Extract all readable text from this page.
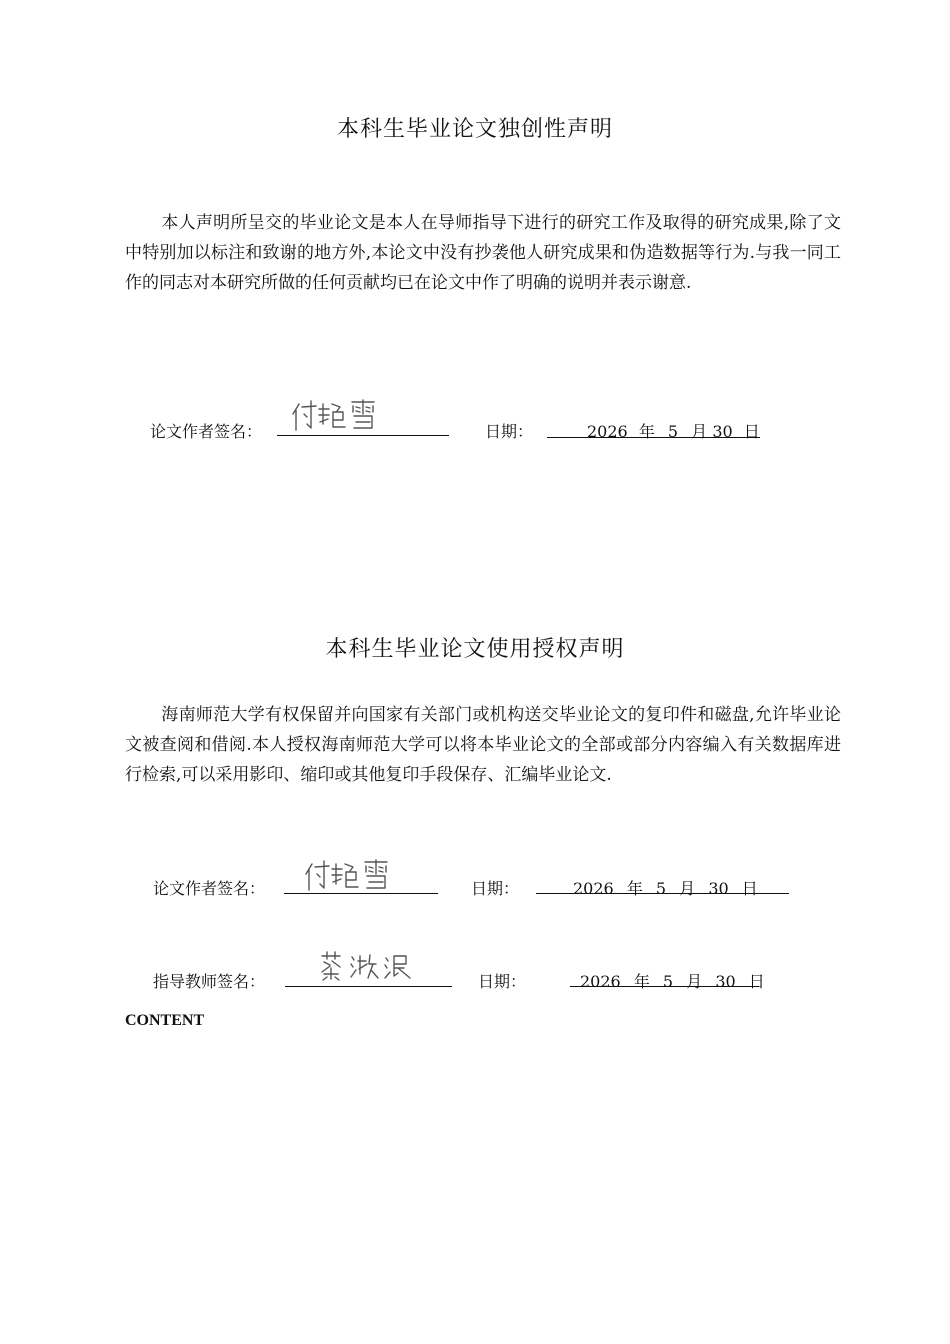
本科生毕业论文独创性声明

本人声明所呈交的毕业论文是本人在导师指导下进行的研究工作及取得的研究成果,除了文中特别加以标注和致谢的地方外,本论文中没有抄袭他人研究成果和伪造数据等行为.与我一同工作的同志对本研究所做的任何贡献均已在论文中作了明确的说明并表示谢意.

论文作者签名：	日期：	2026 年 5 月 30 日
本科生毕业论文使用授权声明

海南师范大学有权保留并向国家有关部门或机构送交毕业论文的复印件和磁盘,允许毕业论文被查阅和借阅.本人授权海南师范大学可以将本毕业论文的全部或部分内容编入有关数据库进行检索,可以采用影印、缩印或其他复印手段保存、汇编毕业论文.

论文作者签名：	日期：	2026 年 5 月 30 日
指导教师签名：	日期：	2026 年 5 月 30 日
CONTENT
